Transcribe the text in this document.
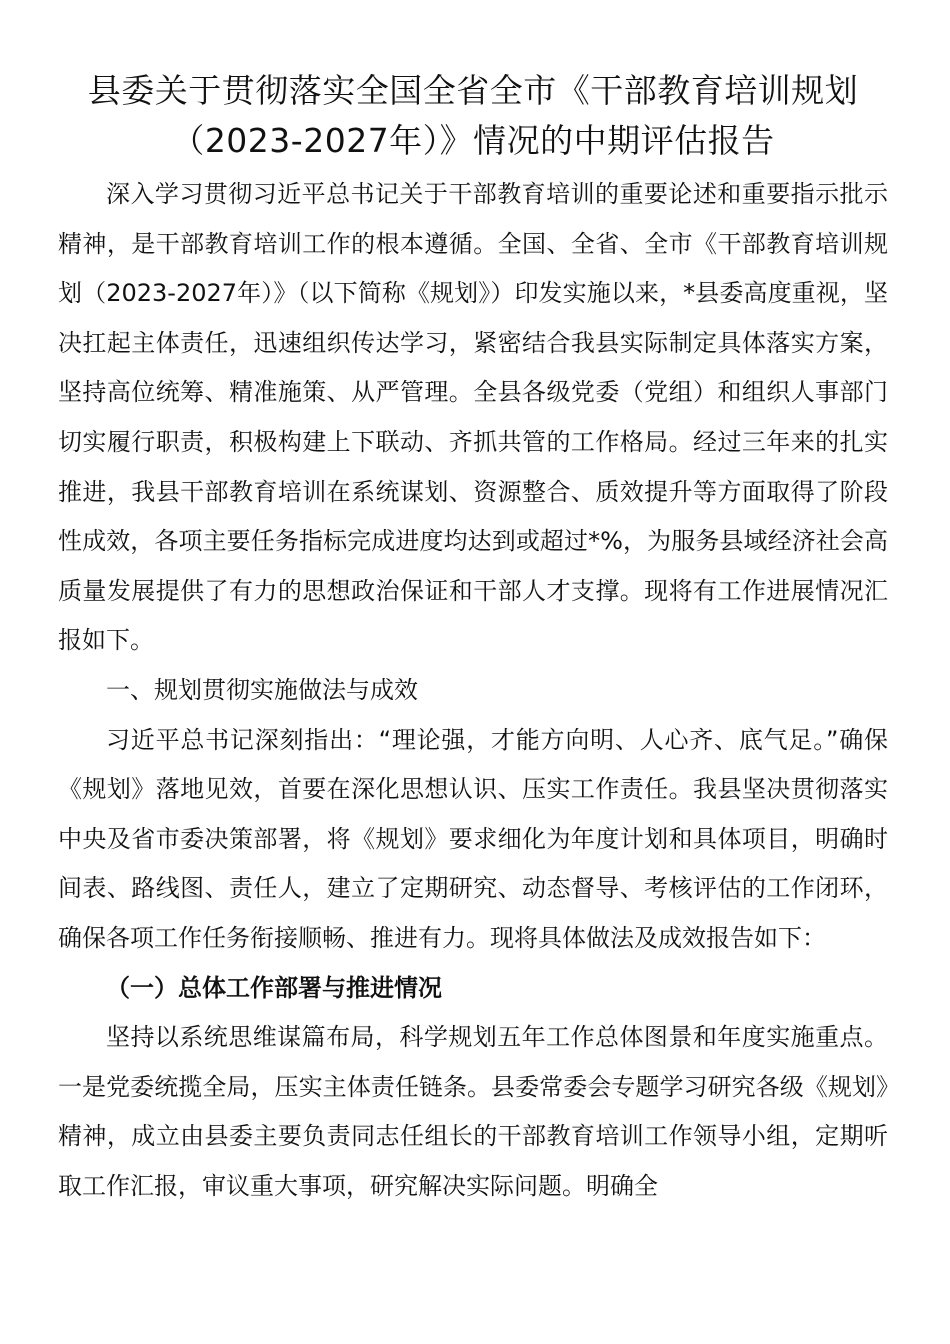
县委关于贯彻落实全国全省全市《干部教育培训规划
（2023-2027年）》情况的中期评估报告

深入学习贯彻习近平总书记关于干部教育培训的重要论述和重要指示批示精神，是干部教育培训工作的根本遵循。全国、全省、全市《干部教育培训规划（2023-2027年）》（以下简称《规划》）印发实施以来，*县委高度重视，坚决扛起主体责任，迅速组织传达学习，紧密结合我县实际制定具体落实方案，坚持高位统筹、精准施策、从严管理。全县各级党委（党组）和组织人事部门切实履行职责，积极构建上下联动、齐抓共管的工作格局。经过三年来的扎实推进，我县干部教育培训在系统谋划、资源整合、质效提升等方面取得了阶段性成效，各项主要任务指标完成进度均达到或超过*%，为服务县域经济社会高质量发展提供了有力的思想政治保证和干部人才支撑。现将有工作进展情况汇报如下。

一、规划贯彻实施做法与成效

习近平总书记深刻指出：“理论强，才能方向明、人心齐、底气足。”确保《规划》落地见效，首要在深化思想认识、压实工作责任。我县坚决贯彻落实中央及省市委决策部署，将《规划》要求细化为年度计划和具体项目，明确时间表、路线图、责任人，建立了定期研究、动态督导、考核评估的工作闭环，确保各项工作任务衔接顺畅、推进有力。现将具体做法及成效报告如下：

（一）总体工作部署与推进情况

坚持以系统思维谋篇布局，科学规划五年工作总体图景和年度实施重点。一是党委统揽全局，压实主体责任链条。县委常委会专题学习研究各级《规划》精神，成立由县委主要负责同志任组长的干部教育培训工作领导小组，定期听取工作汇报，审议重大事项，研究解决实际问题。明确全
